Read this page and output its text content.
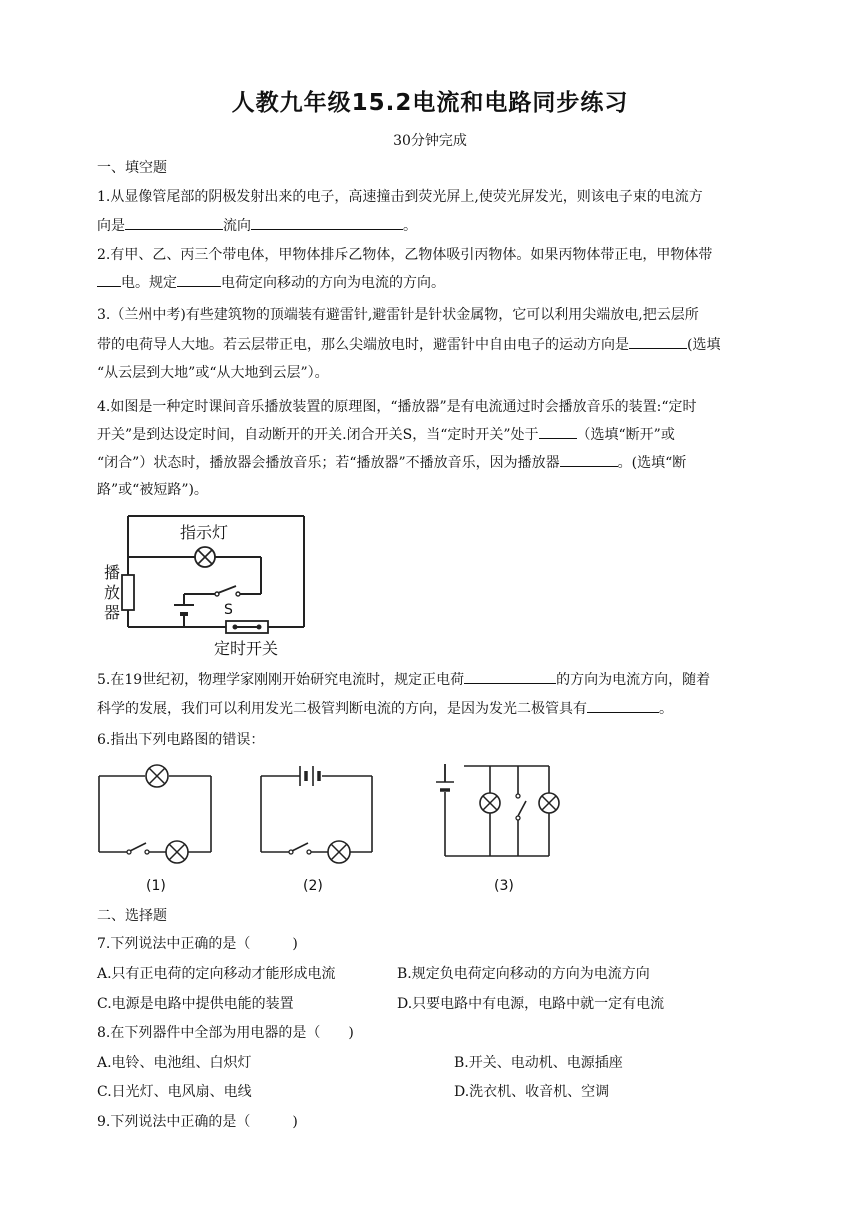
人教九年级15.2电流和电路同步练习
30分钟完成
一、填空题
1.从显像管尾部的阴极发射出来的电子，高速撞击到荧光屏上,使荧光屏发光，则该电子束的电流方
向是	流向	。
2.有甲、乙、丙三个带电体，甲物体排斥乙物体，乙物体吸引丙物体。如果丙物体带正电，甲物体带
电。规定	电荷定向移动的方向为电流的方向。
3.（兰州中考)有些建筑物的顶端装有避雷针,避雷针是针状金属物，它可以利用尖端放电,把云层所
带的电荷导人大地。若云层带正电，那么尖端放电时，避雷针中自由电子的运动方向是	(选填
“从云层到大地”或“从大地到云层”）。
4.如图是一种定时课间音乐播放装置的原理图，“播放器”是有电流通过时会播放音乐的装置:“定时
开关”是到达设定时间，自动断开的开关.闭合开关S，当“定时开关”处于	（选填“断开”或
“闭合”）状态时，播放器会播放音乐；若“播放器”不播放音乐，因为播放器	。(选填“断
路”或“被短路”)。
指示灯
播
放
器	S
定时开关
5.在19世纪初，物理学家刚刚开始研究电流时，规定正电荷	的方向为电流方向，随着
科学的发展，我们可以利用发光二极管判断电流的方向，是因为发光二极管具有	。
6.指出下列电路图的错误：
(1)	(2)	(3)
二、选择题
7.下列说法中正确的是（　　　)
A.只有正电荷的定向移动才能形成电流	B.规定负电荷定向移动的方向为电流方向
C.电源是电路中提供电能的装置	D.只要电路中有电源，电路中就一定有电流
8.在下列器件中全部为用电器的是（　　)
A.电铃、电池组、白炽灯	B.开关、电动机、电源插座
C.日光灯、电风扇、电线	D.洗衣机、收音机、空调
9.下列说法中正确的是（　　　)
